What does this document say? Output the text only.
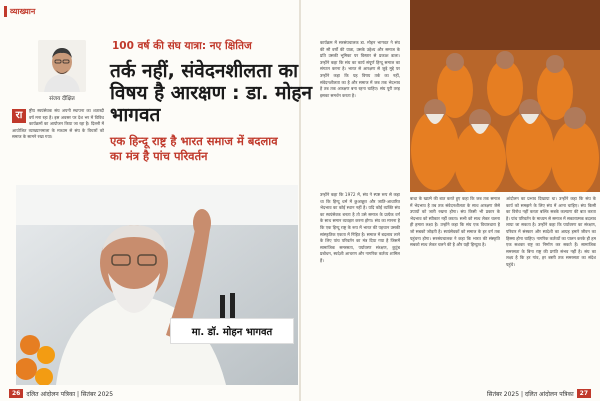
व्याख्यान
संजय दीक्षित
100 वर्ष की संघ यात्रा: नए क्षितिज
तर्क नहीं, संवेदनशीलता का विषय है आरक्षण : डा. मोहन भागवत
एक हिन्दू राष्ट्र है भारत समाज में बदलाव का मंत्र है पांच परिवर्तन
रा	ष्ट्रीय स्वयंसेवक संघ अपनी स्थापना का शताब्दी वर्ष मना रहा है। इस अवसर पर देश भर में विविध कार्यक्रमों का आयोजन किया जा रहा है। दिल्ली में आयोजित व्याख्यानमाला के माध्यम से संघ के विचारों को समाज के सामने रखा गया।
मा. डॉ. मोहन भागवत
कार्यक्रम में सरसंघचालक डा. मोहन भागवत ने संघ की सौ वर्षों की यात्रा, उसके उद्देश्य और समाज के प्रति उसकी भूमिका पर विस्तार से प्रकाश डाला। उन्होंने कहा कि संघ का कार्य संपूर्ण हिन्दू समाज का संगठन करना है। भारत से आरक्षण से जुड़े मुद्दे पर उन्होंने कहा कि यह विषय तर्क का नहीं, संवेदनशीलता का है और समाज में जब तक भेदभाव है तब तक आरक्षण बना रहना चाहिए। संघ पूरी तरह इसका समर्थन करता है।
उन्होंने कहा कि 1972 में, संघ ने स्पष्ट रूप से कहा था कि हिन्दू धर्म में छुआछूत और जाति-आधारित भेदभाव का कोई स्थान नहीं है। यदि कोई व्यक्ति संघ का स्वयंसेवक बनता है तो उसे समाज के प्रत्येक वर्ग के साथ समान व्यवहार करना होगा। संघ का मानना है कि एक हिन्दू राष्ट्र के रूप में भारत की पहचान उसकी सांस्कृतिक एकता में निहित है। समाज में बदलाव लाने के लिए पांच परिवर्तन का मंत्र दिया गया है जिसमें सामाजिक समरसता, पर्यावरण संरक्षण, कुटुंब प्रबोधन, स्वदेशी आचरण और नागरिक कर्तव्य शामिल हैं।
बाधा के खात्मे की बात करते हुए कहा कि जब तक समाज में भेदभाव है तब तक संवेदनशीलता के साथ आरक्षण जैसे उपायों को जारी रखना होगा। संघ किसी भी प्रकार के भेदभाव को स्वीकार नहीं करता। सभी को साथ लेकर चलना ही हमारा लक्ष्य है। उन्होंने कहा कि संघ एक विचारधारा है जो सबको जोड़ती है। स्वयंसेवकों को समाज के हर वर्ग तक पहुंचना होगा। सरसंघचालक ने कहा कि भारत की संस्कृति सबको साथ लेकर चलने की है और यही हिन्दुत्व है।
आंदोलन का प्रभाव दिखाया था। उन्होंने कहा कि संघ के कार्य को समझने के लिए संघ में आना चाहिए। संघ किसी का विरोध नहीं करता बल्कि सबके कल्याण की बात करता है। पांच परिवर्तन के माध्यम से समाज में सकारात्मक बदलाव लाया जा सकता है। उन्होंने कहा कि पर्यावरण का संरक्षण, परिवार में संस्कार और स्वदेशी का आग्रह हमारे जीवन का हिस्सा होना चाहिए। नागरिक कर्तव्यों का पालन करके ही हम एक सशक्त राष्ट्र का निर्माण कर सकते हैं। सामाजिक समरसता के बिना राष्ट्र की प्रगति संभव नहीं है। संघ का लक्ष्य है कि हर गांव, हर बस्ती तक समरसता का संदेश पहुंचे।
26	दलित आंदोलन पत्रिका | सितंबर 2025	सितंबर 2025 | दलित आंदोलन पत्रिका	27
